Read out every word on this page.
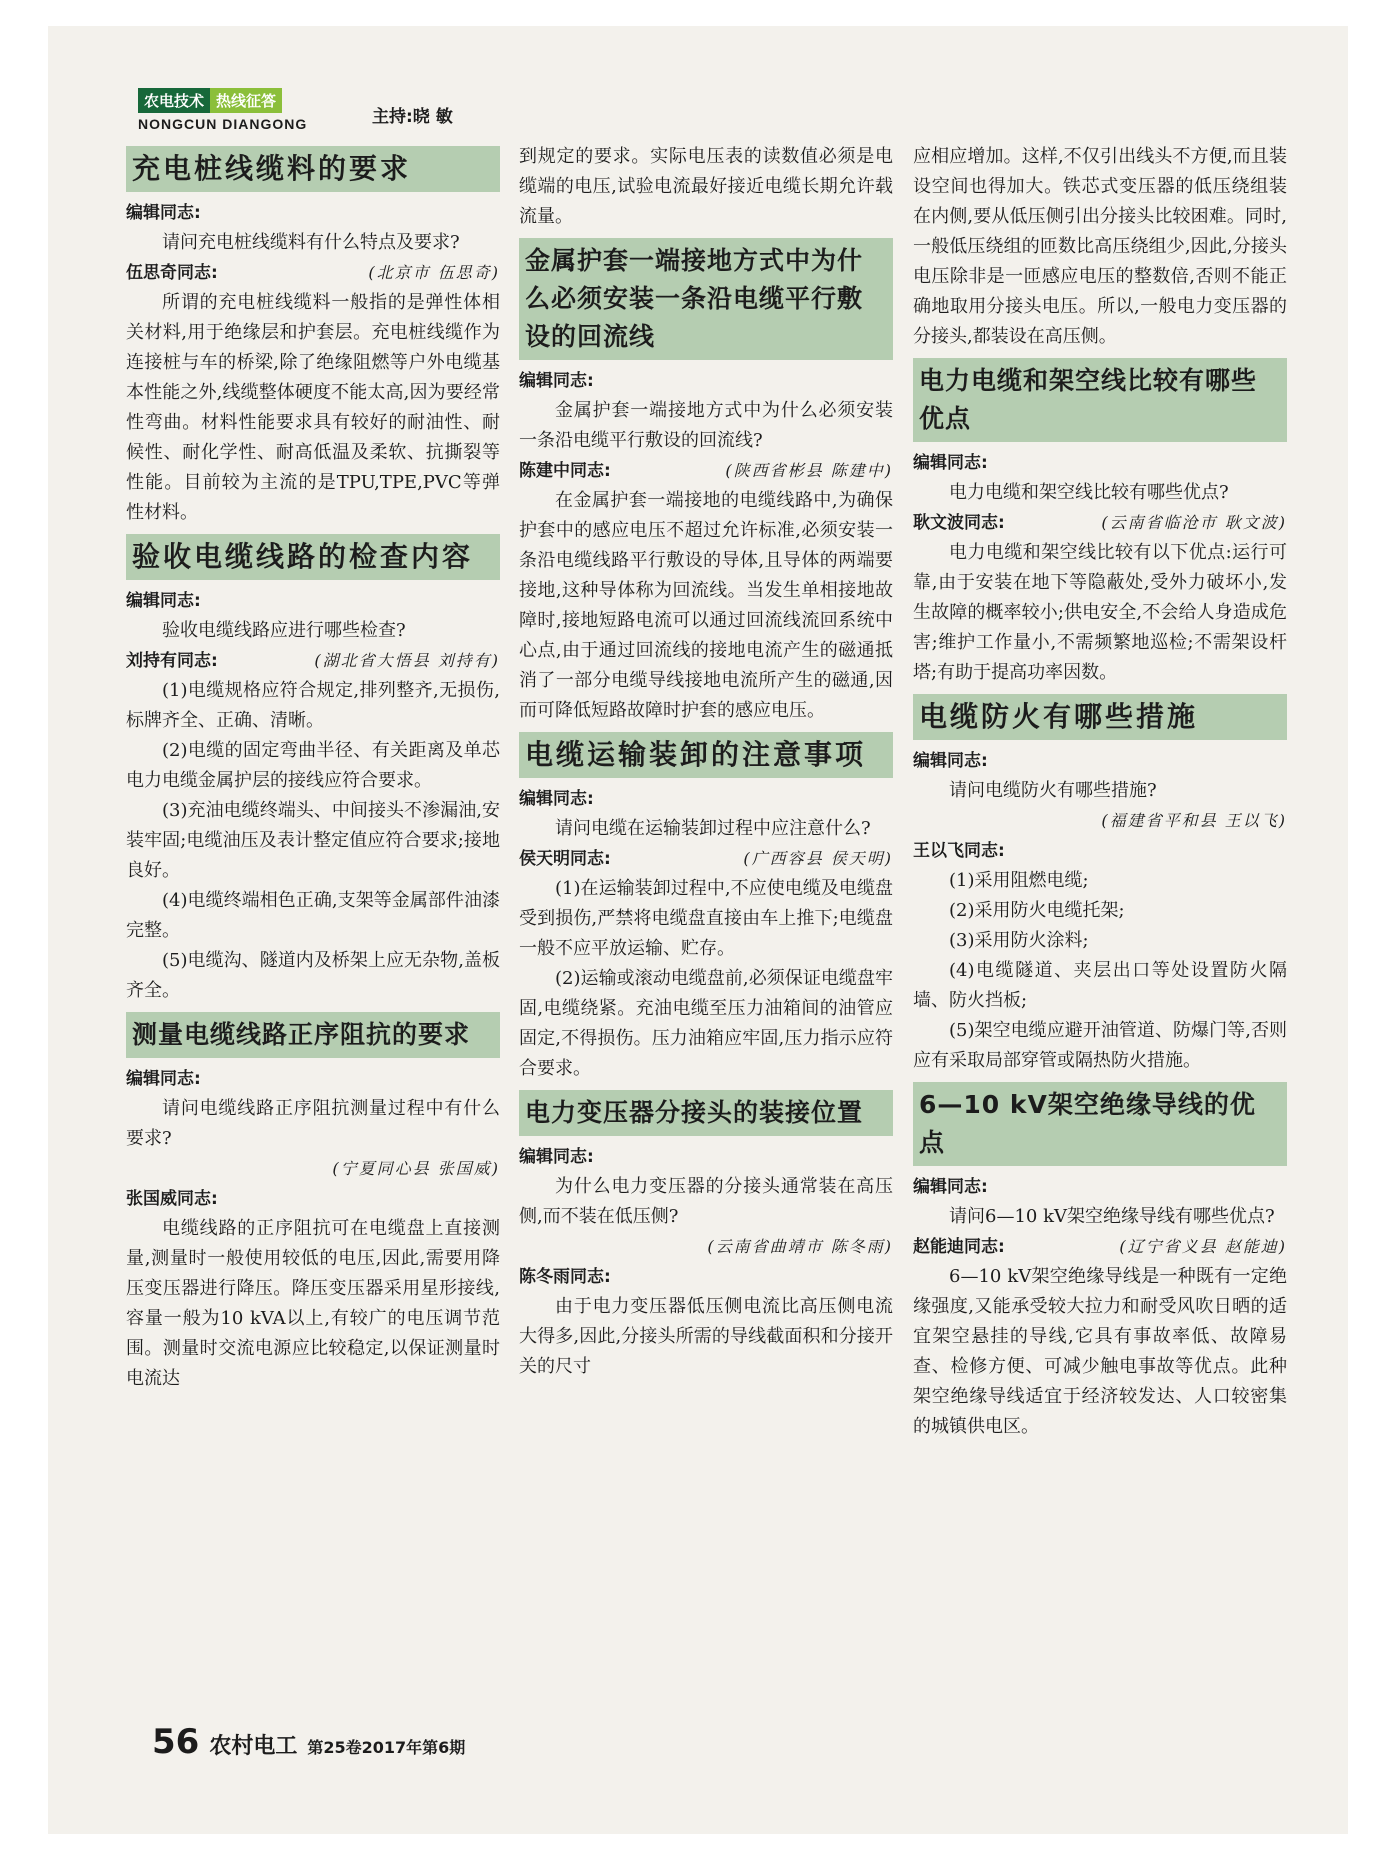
农电技术 热线征答
NONGCUN DIANGONG	主持:晓 敏
充电桩线缆料的要求
编辑同志:

请问充电桩线缆料有什么特点及要求?
(北京市 伍思奇)

伍思奇同志:

所谓的充电桩线缆料一般指的是弹性体相关材料,用于绝缘层和护套层。充电桩线缆作为连接桩与车的桥梁,除了绝缘阻燃等户外电缆基本性能之外,线缆整体硬度不能太高,因为要经常性弯曲。材料性能要求具有较好的耐油性、耐候性、耐化学性、耐高低温及柔软、抗撕裂等性能。目前较为主流的是TPU,TPE,PVC等弹性材料。

验收电缆线路的检查内容
编辑同志:

验收电缆线路应进行哪些检查?
(湖北省大悟县 刘持有)

刘持有同志:

(1)电缆规格应符合规定,排列整齐,无损伤,标牌齐全、正确、清晰。

(2)电缆的固定弯曲半径、有关距离及单芯电力电缆金属护层的接线应符合要求。

(3)充油电缆终端头、中间接头不渗漏油,安装牢固;电缆油压及表计整定值应符合要求;接地良好。

(4)电缆终端相色正确,支架等金属部件油漆完整。

(5)电缆沟、隧道内及桥架上应无杂物,盖板齐全。

测量电缆线路正序阻抗的要求
编辑同志:

请问电缆线路正序阻抗测量过程中有什么要求?
(宁夏同心县 张国威)

张国威同志:

电缆线路的正序阻抗可在电缆盘上直接测量,测量时一般使用较低的电压,因此,需要用降压变压器进行降压。降压变压器采用星形接线,容量一般为10 kVA以上,有较广的电压调节范围。测量时交流电源应比较稳定,以保证测量时电流达

到规定的要求。实际电压表的读数值必须是电缆端的电压,试验电流最好接近电缆长期允许载流量。

金属护套一端接地方式中为什么必须安装一条沿电缆平行敷设的回流线
编辑同志:

金属护套一端接地方式中为什么必须安装一条沿电缆平行敷设的回流线?
(陕西省彬县 陈建中)

陈建中同志:

在金属护套一端接地的电缆线路中,为确保护套中的感应电压不超过允许标准,必须安装一条沿电缆线路平行敷设的导体,且导体的两端要接地,这种导体称为回流线。当发生单相接地故障时,接地短路电流可以通过回流线流回系统中心点,由于通过回流线的接地电流产生的磁通抵消了一部分电缆导线接地电流所产生的磁通,因而可降低短路故障时护套的感应电压。

电缆运输装卸的注意事项
编辑同志:

请问电缆在运输装卸过程中应注意什么?
(广西容县 侯天明)

侯天明同志:

(1)在运输装卸过程中,不应使电缆及电缆盘受到损伤,严禁将电缆盘直接由车上推下;电缆盘一般不应平放运输、贮存。

(2)运输或滚动电缆盘前,必须保证电缆盘牢固,电缆绕紧。充油电缆至压力油箱间的油管应固定,不得损伤。压力油箱应牢固,压力指示应符合要求。

电力变压器分接头的装接位置
编辑同志:

为什么电力变压器的分接头通常装在高压侧,而不装在低压侧?
(云南省曲靖市 陈冬雨)

陈冬雨同志:

由于电力变压器低压侧电流比高压侧电流大得多,因此,分接头所需的导线截面积和分接开关的尺寸

应相应增加。这样,不仅引出线头不方便,而且装设空间也得加大。铁芯式变压器的低压绕组装在内侧,要从低压侧引出分接头比较困难。同时,一般低压绕组的匝数比高压绕组少,因此,分接头电压除非是一匝感应电压的整数倍,否则不能正确地取用分接头电压。所以,一般电力变压器的分接头,都装设在高压侧。

电力电缆和架空线比较有哪些优点
编辑同志:

电力电缆和架空线比较有哪些优点?
(云南省临沧市 耿文波)

耿文波同志:

电力电缆和架空线比较有以下优点:运行可靠,由于安装在地下等隐蔽处,受外力破坏小,发生故障的概率较小;供电安全,不会给人身造成危害;维护工作量小,不需频繁地巡检;不需架设杆塔;有助于提高功率因数。

电缆防火有哪些措施
编辑同志:

请问电缆防火有哪些措施?
(福建省平和县 王以飞)

王以飞同志:

(1)采用阻燃电缆;

(2)采用防火电缆托架;

(3)采用防火涂料;

(4)电缆隧道、夹层出口等处设置防火隔墙、防火挡板;

(5)架空电缆应避开油管道、防爆门等,否则应有采取局部穿管或隔热防火措施。

6—10 kV架空绝缘导线的优点
编辑同志:

请问6—10 kV架空绝缘导线有哪些优点?
(辽宁省义县 赵能迪)

赵能迪同志:

6—10 kV架空绝缘导线是一种既有一定绝缘强度,又能承受较大拉力和耐受风吹日晒的适宜架空悬挂的导线,它具有事故率低、故障易查、检修方便、可减少触电事故等优点。此种架空绝缘导线适宜于经济较发达、人口较密集的城镇供电区。

56 农村电工 第25卷2017年第6期
